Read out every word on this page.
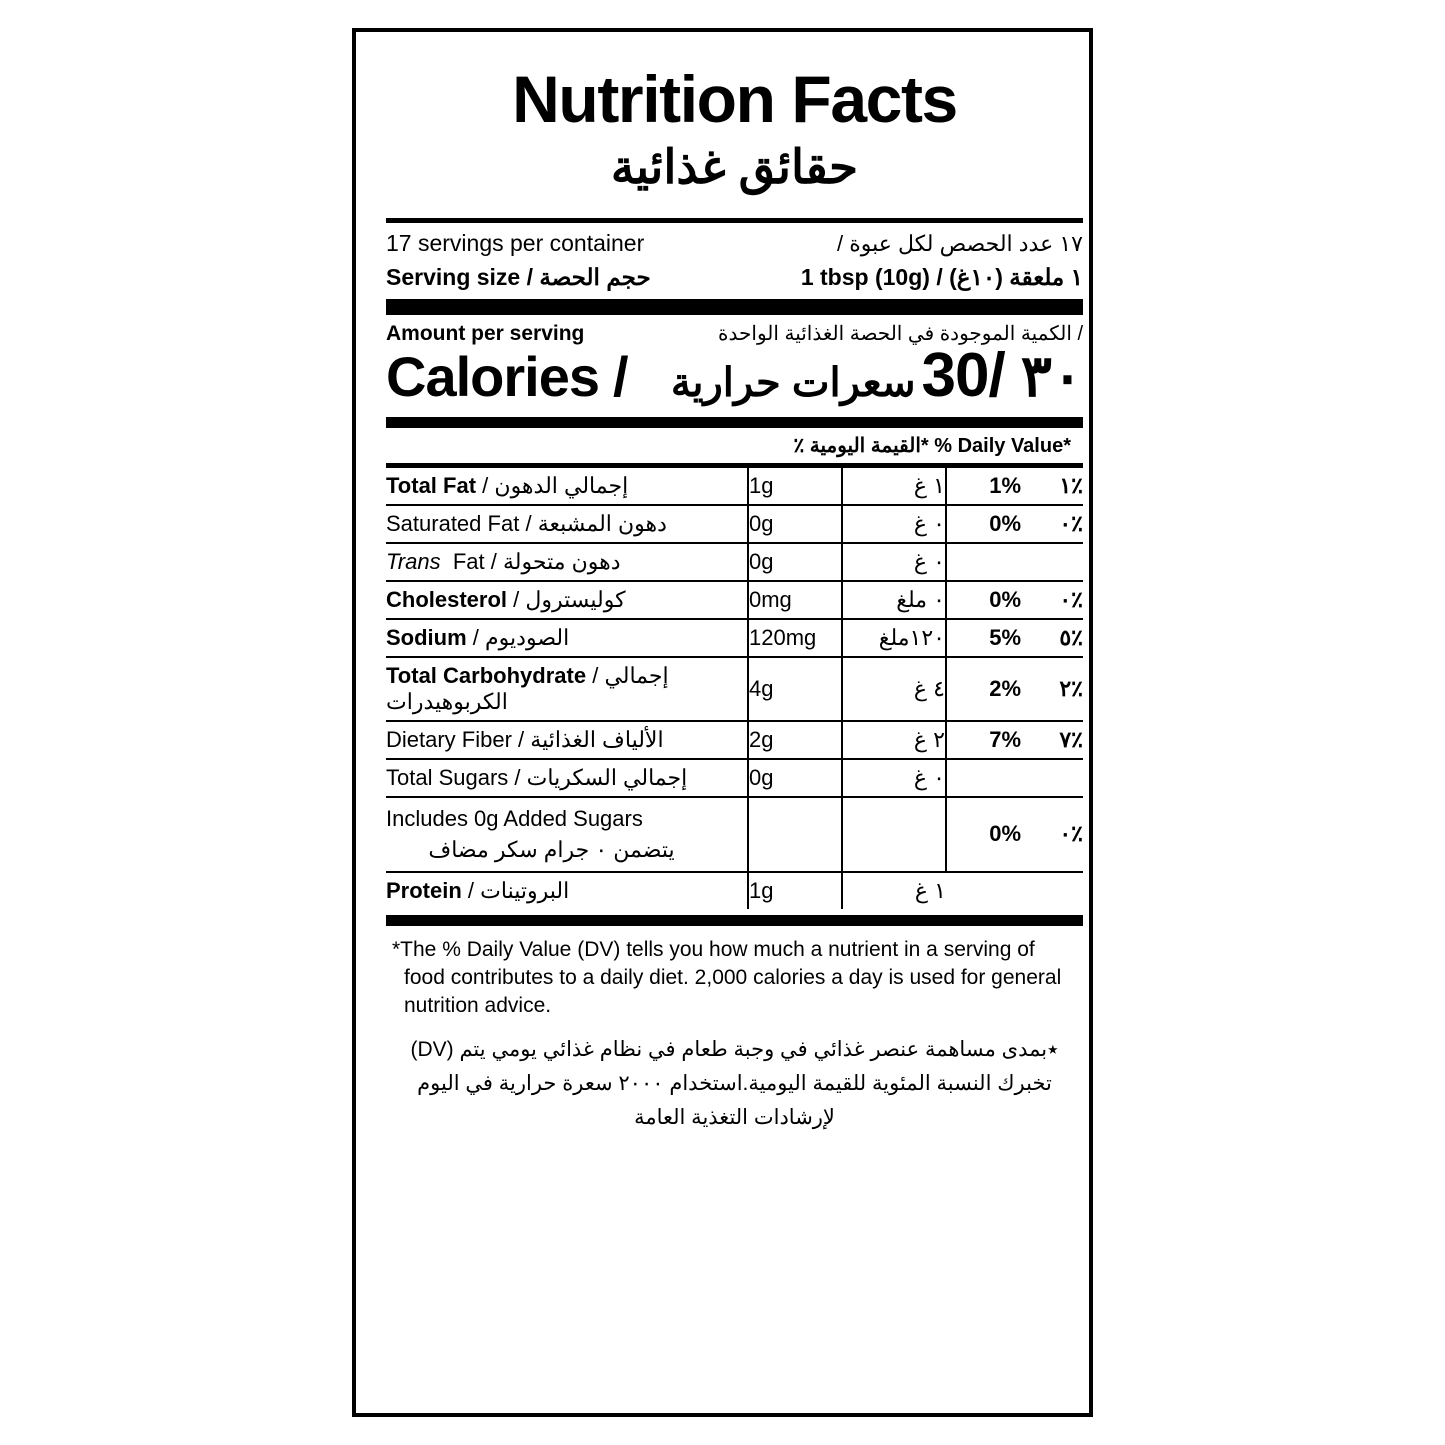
Nutrition Facts
حقائق غذائية
17 servings per container	١٧ عدد الحصص لكل عبوة /
Serving size / حجم الحصة	1 tbsp (10g) / ١ ملعقة (١٠غ)
Amount per serving	/ الكمية الموجودة في الحصة الغذائية الواحدة
Calories /	سعرات حرارية 30/ ٣٠
٪ القيمة اليومية* % Daily Value*
Total Fat / إجمالي الدهون	1g	١ غ	1%	٪١
Saturated Fat / دهون المشبعة	0g	٠ غ	0%	٪٠
Trans  Fat / دهون متحولة	0g	٠ غ		
Cholesterol / كوليسترول	0mg	٠ ملغ	0%	٪٠
Sodium / الصوديوم	120mg	١٢٠ملغ	5%	٪٥
Total Carbohydrate / إجمالي الكربوهيدرات	4g	٤ غ	2%	٪٢
Dietary Fiber / الألياف الغذائية	2g	٢ غ	7%	٪٧
Total Sugars / إجمالي السكريات	0g	٠ غ		

Includes 0g Added Sugars
يتضمن ٠ جرام سكر مضاف			0%	٪٠
Protein / البروتينات	1g	١ غ		
*The % Daily Value (DV) tells you how much a nutrient in a serving of food contributes to a daily diet. 2,000 calories a day is used for general nutrition advice.
٭بمدى مساهمة عنصر غذائي في وجبة طعام في نظام غذائي يومي يتم (DV) تخبرك النسبة المئوية للقيمة اليومية.استخدام ٢٠٠٠ سعرة حرارية في اليوم لإرشادات التغذية العامة
